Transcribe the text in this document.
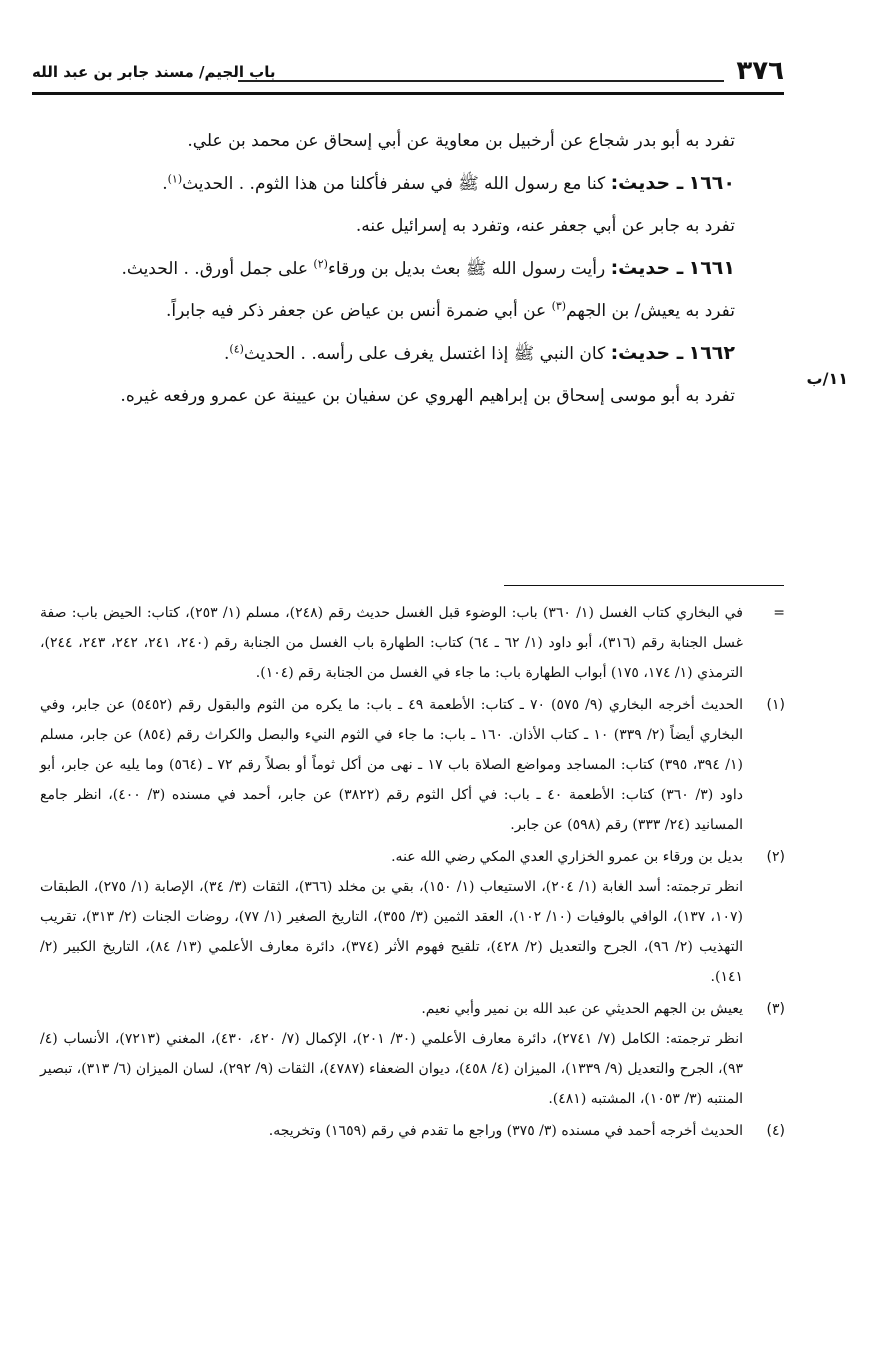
٣٧٦
باب الجيم/ مسند جابر بن عبد الله

تفرد به أبو بدر شجاع عن أرخبيل بن معاوية عن أبي إسحاق عن محمد بن علي.

١٦٦٠ ـ حديث: كنا مع رسول الله ﷺ في سفر فأكلنا من هذا الثوم. . الحديث$^{(١)}$.

تفرد به جابر عن أبي جعفر عنه، وتفرد به إسرائيل عنه.

١٦٦١ ـ حديث: رأيت رسول الله ﷺ بعث بديل بن ورقاء$^{(٢)}$ على جمل أورق. . الحديث.

تفرد به يعيش/ بن الجهم$^{(٣)}$ عن أبي ضمرة أنس بن عياض عن جعفر ذكر فيه جابراً.

١٦٦٢ ـ حديث: كان النبي ﷺ إذا اغتسل يغرف على رأسه. . الحديث$^{(٤)}$.

تفرد به أبو موسى إسحاق بن إبراهيم الهروي عن سفيان بن عيينة عن عمرو ورفعه غيره.

١١/ب
=
في البخاري كتاب الغسل (١/ ٣٦٠) باب: الوضوء قبل الغسل حديث رقم (٢٤٨)، مسلم (١/ ٢٥٣)، كتاب: الحيض باب: صفة غسل الجنابة رقم (٣١٦)، أبو داود (١/ ٦٢ ـ ٦٤) كتاب: الطهارة باب الغسل من الجنابة رقم (٢٤٠، ٢٤١، ٢٤٢، ٢٤٣، ٢٤٤)، الترمذي (١/ ١٧٤، ١٧٥) أبواب الطهارة باب: ما جاء في الغسل من الجنابة رقم (١٠٤).
(١)
الحديث أخرجه البخاري (٩/ ٥٧٥) ٧٠ ـ كتاب: الأطعمة ٤٩ ـ باب: ما يكره من الثوم والبقول رقم (٥٤٥٢) عن جابر، وفي البخاري أيضاً (٢/ ٣٣٩) ١٠ ـ كتاب الأذان. ١٦٠ ـ باب: ما جاء في الثوم النيء والبصل والكراث رقم (٨٥٤) عن جابر، مسلم (١/ ٣٩٤، ٣٩٥) كتاب: المساجد ومواضع الصلاة باب ١٧ ـ نهى من أكل ثوماً أو بصلاً رقم ٧٢ ـ (٥٦٤) وما يليه عن جابر، أبو داود (٣/ ٣٦٠) كتاب: الأطعمة ٤٠ ـ باب: في أكل الثوم رقم (٣٨٢٢) عن جابر، أحمد في مسنده (٣/ ٤٠٠)، انظر جامع المسانيد (٢٤/ ٣٣٣) رقم (٥٩٨) عن جابر.
(٢)
بديل بن ورقاء بن عمرو الخزاري العدي المكي رضي الله عنه.
انظر ترجمته: أسد الغابة (١/ ٢٠٤)، الاستيعاب (١/ ١٥٠)، بقي بن مخلد (٣٦٦)، الثقات (٣/ ٣٤)، الإصابة (١/ ٢٧٥)، الطبقات (١٠٧، ١٣٧)، الوافي بالوفيات (١٠/ ١٠٢)، العقد الثمين (٣/ ٣٥٥)، التاريخ الصغير (١/ ٧٧)، روضات الجنات (٢/ ٣١٣)، تقريب التهذيب (٢/ ٩٦)، الجرح والتعديل (٢/ ٤٢٨)، تلقيح فهوم الأثر (٣٧٤)، دائرة معارف الأعلمي (١٣/ ٨٤)، التاريخ الكبير (٢/ ١٤١).
(٣)
يعيش بن الجهم الحديثي عن عبد الله بن نمير وأبي نعيم.
انظر ترجمته: الكامل (٧/ ٢٧٤١)، دائرة معارف الأعلمي (٣٠/ ٢٠١)، الإكمال (٧/ ٤٢٠، ٤٣٠)، المغني (٧٢١٣)، الأنساب (٤/ ٩٣)، الجرح والتعديل (٩/ ١٣٣٩)، الميزان (٤/ ٤٥٨)، ديوان الضعفاء (٤٧٨٧)، الثقات (٩/ ٢٩٢)، لسان الميزان (٦/ ٣١٣)، تبصير المنتبه (٣/ ١٠٥٣)، المشتبه (٤٨١).
(٤)
الحديث أخرجه أحمد في مسنده (٣/ ٣٧٥) وراجع ما تقدم في رقم (١٦٥٩) وتخريجه.
